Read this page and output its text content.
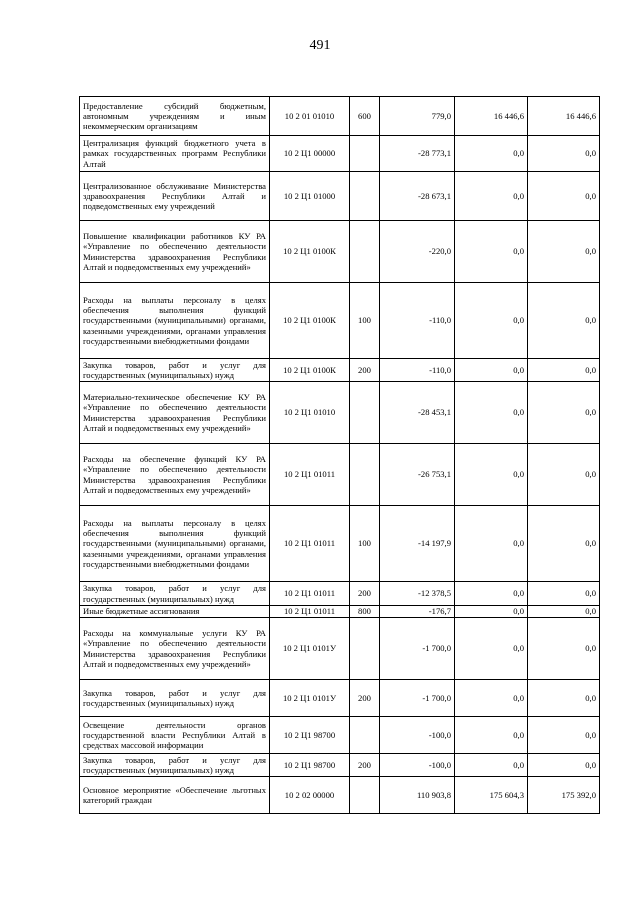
491
Предоставление субсидий бюджетным, автономным учреждениям и иным некоммерческим организациям	10 2 01 01010	600	779,0	16 446,6	16 446,6
Централизация функций бюджетного учета в рамках государственных программ Республики Алтай	10 2 Ц1 00000		-28 773,1	0,0	0,0
Централизованное обслуживание Министерства здравоохранения Республики Алтай и подведомственных ему учреждений	10 2 Ц1 01000		-28 673,1	0,0	0,0
Повышение квалификации работников КУ РА «Управление по обеспечению деятельности Министерства здравоохранения Республики Алтай и подведомственных ему учреждений»	10 2 Ц1 0100К		-220,0	0,0	0,0
Расходы на выплаты персоналу в целях обеспечения выполнения функций государственными (муниципальными) органами, казенными учреждениями, органами управления государственными внебюджетными фондами	10 2 Ц1 0100К	100	-110,0	0,0	0,0
Закупка товаров, работ и услуг для государственных (муниципальных) нужд	10 2 Ц1 0100К	200	-110,0	0,0	0,0
Материально-техническое обеспечение КУ РА «Управление по обеспечению деятельности Министерства здравоохранения Республики Алтай и подведомственных ему учреждений»	10 2 Ц1 01010		-28 453,1	0,0	0,0
Расходы на обеспечение функций КУ РА «Управление по обеспечению деятельности Министерства здравоохранения Республики Алтай и подведомственных ему учреждений»	10 2 Ц1 01011		-26 753,1	0,0	0,0
Расходы на выплаты персоналу в целях обеспечения выполнения функций государственными (муниципальными) органами, казенными учреждениями, органами управления государственными внебюджетными фондами	10 2 Ц1 01011	100	-14 197,9	0,0	0,0
Закупка товаров, работ и услуг для государственных (муниципальных) нужд	10 2 Ц1 01011	200	-12 378,5	0,0	0,0
Иные бюджетные ассигнования	10 2 Ц1 01011	800	-176,7	0,0	0,0
Расходы на коммунальные услуги КУ РА «Управление по обеспечению деятельности Министерства здравоохранения Республики Алтай и подведомственных ему учреждений»	10 2 Ц1 0101У		-1 700,0	0,0	0,0
Закупка товаров, работ и услуг для государственных (муниципальных) нужд	10 2 Ц1 0101У	200	-1 700,0	0,0	0,0
Освещение деятельности органов государственной власти Республики Алтай в средствах массовой информации	10 2 Ц1 98700		-100,0	0,0	0,0
Закупка товаров, работ и услуг для государственных (муниципальных) нужд	10 2 Ц1 98700	200	-100,0	0,0	0,0
Основное мероприятие «Обеспечение льготных категорий граждан	10 2 02 00000		110 903,8	175 604,3	175 392,0
